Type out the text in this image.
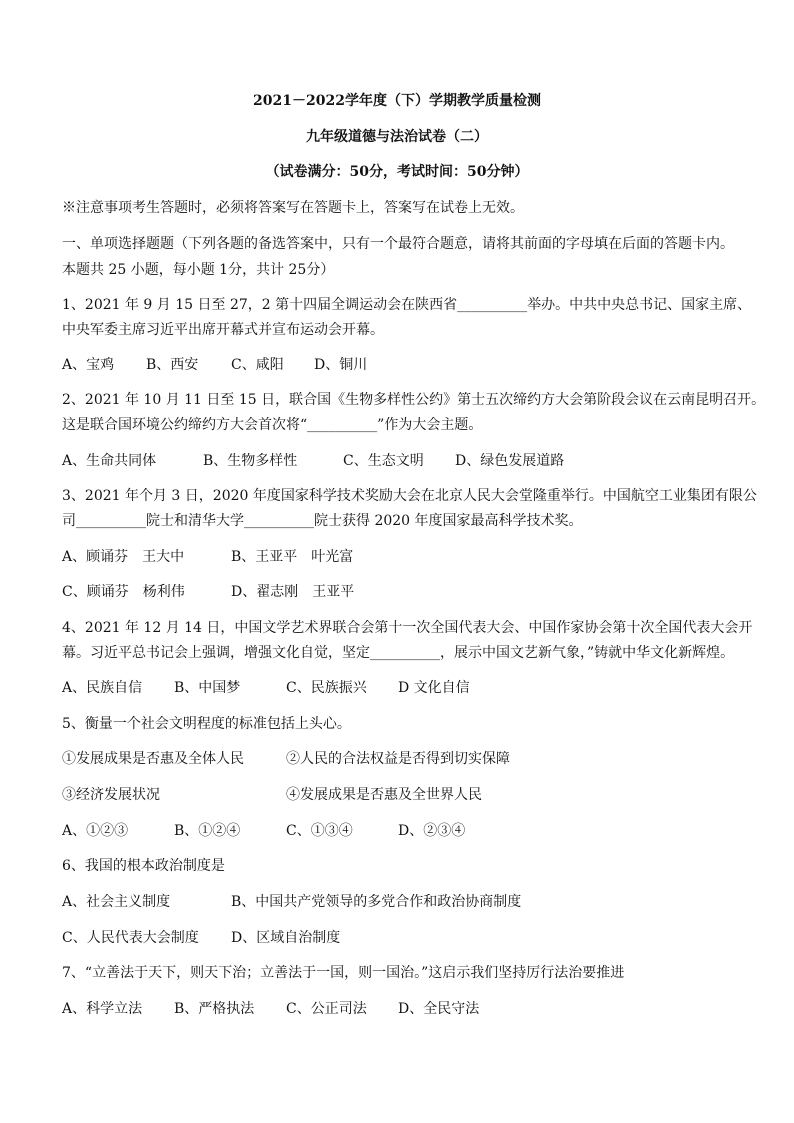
2021－2022学年度（下）学期教学质量检测
九年级道德与法治试卷（二）
（试卷满分：50分，考试时间：50分钟）
※注意事项考生答题时，必须将答案写在答题卡上，答案写在试卷上无效。
一、单项选择题题（下列各题的备选答案中，只有一个最符合题意，请将其前面的字母填在后面的答题卡内。
本题共 25 小题，每小题 1分，共计 25分）
1、2021 年 9 月 15 日至 27，2 第十四届全调运动会在陕西省__________举办。中共中央总书记、国家主席、
中央军委主席习近平出席开幕式并宣布运动会开幕。
A、宝鸡 B、西安 C、咸阳 D、铜川
2、2021 年 10 月 11 日至 15 日，联合国《生物多样性公约》第士五次缔约方大会第阶段会议在云南昆明召开。
这是联合国环境公约缔约方大会首次将“__________”作为大会主题。
A、生命共同体	B、生物多样性	C、生态文明 D、绿色发展道路
3、2021 年个月 3 日，2020 年度国家科学技术奖励大会在北京人民大会堂隆重举行。中国航空工业集团有限公
司__________院士和清华大学__________院士获得 2020 年度国家最高科学技术奖。
A、顾诵芬　王大中	B、王亚平　叶光富
C、顾诵芬　杨利伟	D、翟志刚　王亚平
4、2021 年 12 月 14 日，中国文学艺术界联合会第十一次全国代表大会、中国作家协会第十次全国代表大会开
幕。习近平总书记会上强调，增强文化自觉，坚定__________，展示中国文艺新气象，”铸就中华文化新辉煌。
A、民族自信 B、中国梦	C、民族振兴 D 文化自信
5、衡量一个社会文明程度的标准包括上头心。
①发展成果是否惠及全体人民	②人民的合法权益是否得到切实保障
③经济发展状况	④发展成果是否惠及全世界人民
A、①②③	B、①②④	C、①③④	D、②③④
6、我国的根本政治制度是
A、社会主义制度	B、中国共产党领导的多党合作和政治协商制度
C、人民代表大会制度 D、区域自治制度
7、“立善法于天下，则天下治；立善法于一国，则一国治。”这启示我们坚持厉行法治要推进
A、科学立法 B、严格执法 C、公正司法 D、全民守法
